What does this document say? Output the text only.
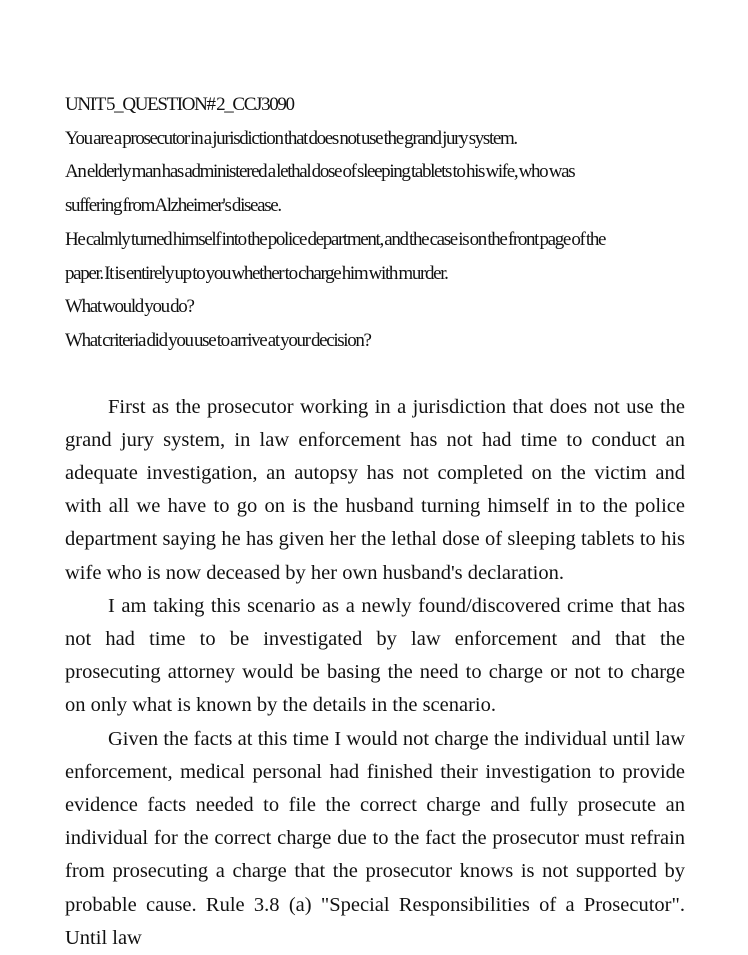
UNIT 5_QUESTION# 2_CCJ3090
You are a prosecutor in a jurisdiction that does not use the grand jury system.
An elderly man has administered a lethal dose of sleeping tablets to his wife, who was
suffering from Alzheimer's disease.
He calmly turned himself into the police department, and the case is on the front page of the
paper. It is entirely up to you whether to charge him with murder.
What would you do?
What criteria did you use to arrive at your decision?

First as the prosecutor working in a jurisdiction that does not use the grand jury system, in law enforcement has not had time to conduct an adequate investigation, an autopsy has not completed on the victim and with all we have to go on is the husband turning himself in to the police department saying he has given her the lethal dose of sleeping tablets to his wife who is now deceased by her own husband's declaration.

I am taking this scenario as a newly found/discovered crime that has not had time to be investigated by law enforcement and that the prosecuting attorney would be basing the need to charge or not to charge on only what is known by the details in the scenario.

Given the facts at this time I would not charge the individual until law enforcement, medical personal had finished their investigation to provide evidence facts needed to file the correct charge and fully prosecute an individual for the correct charge due to the fact the prosecutor must refrain from prosecuting a charge that the prosecutor knows is not supported by probable cause. Rule 3.8 (a) "Special Responsibilities of a Prosecutor". Until law
